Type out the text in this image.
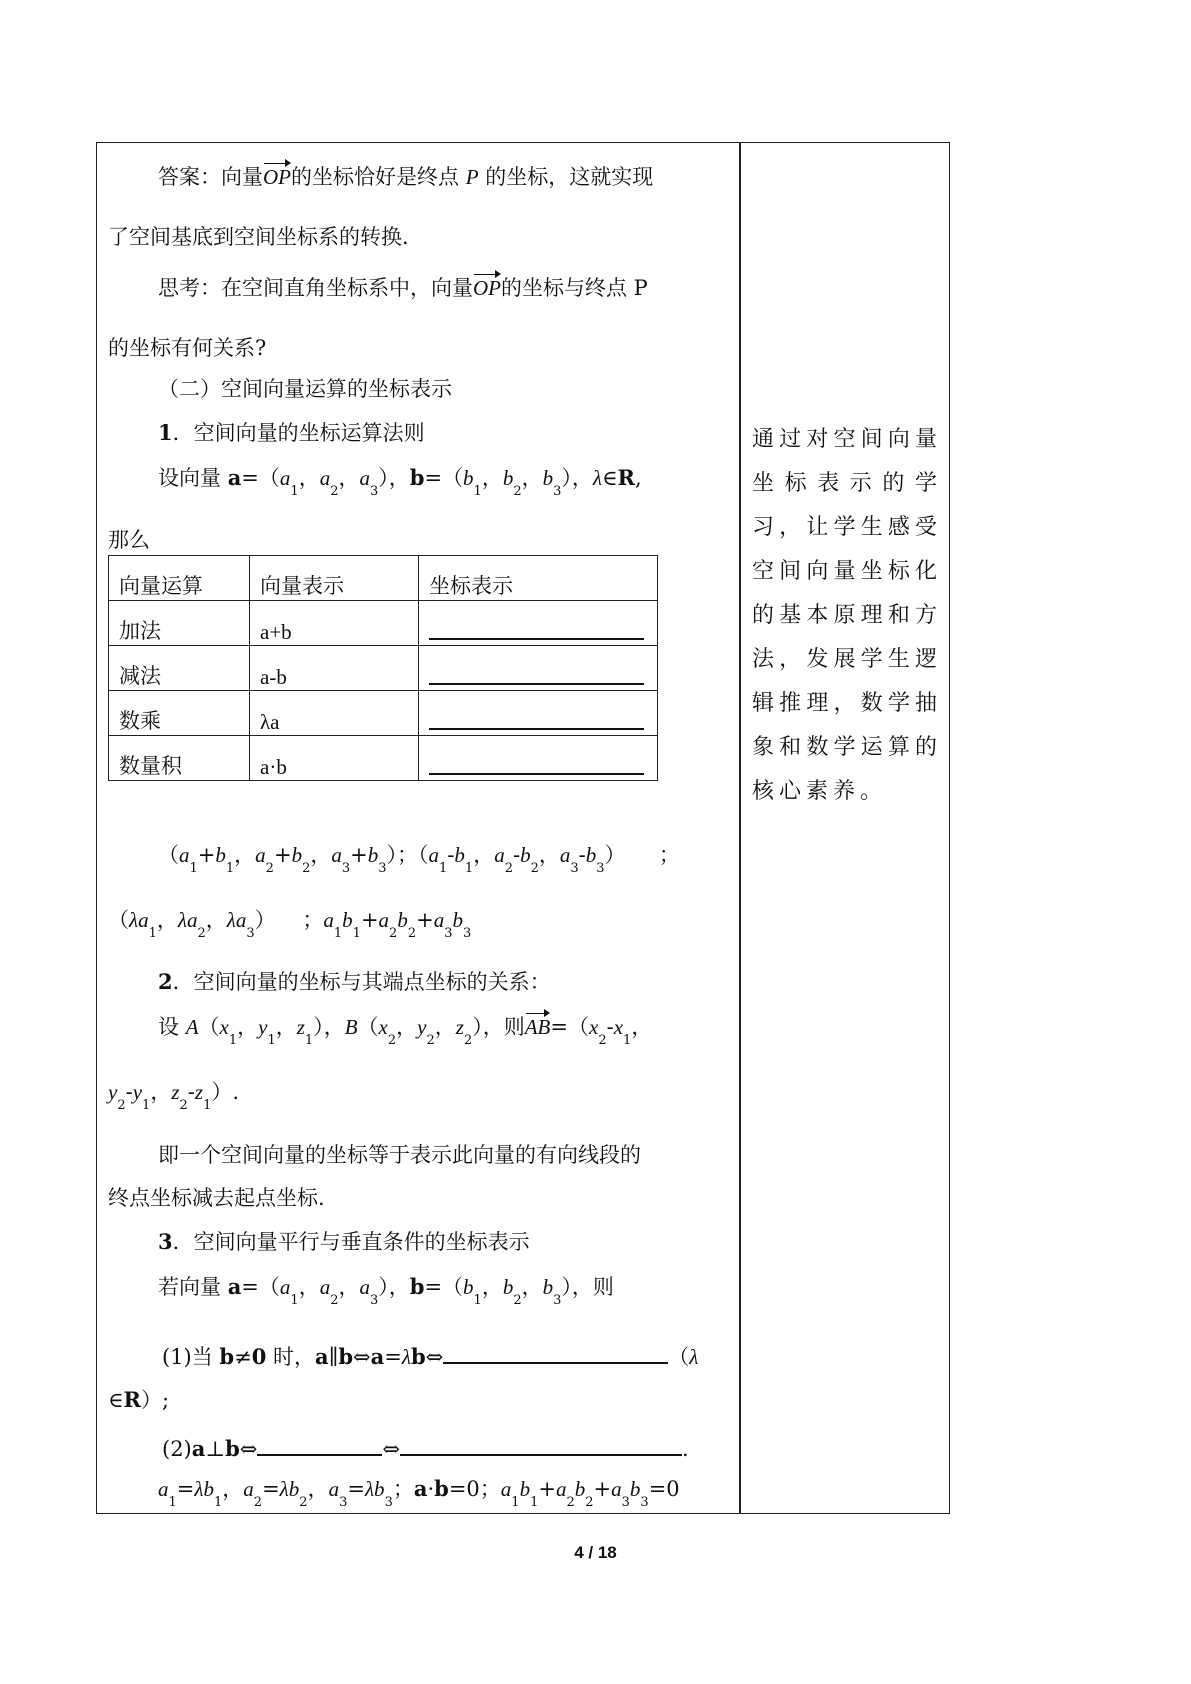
答案：向量OP的坐标恰好是终点 P 的坐标，这就实现
了空间基底到空间坐标系的转换.
思考：在空间直角坐标系中，向量OP的坐标与终点 P
的坐标有何关系?
（二）空间向量运算的坐标表示
1．空间向量的坐标运算法则
设向量 $a=(a_1$，$a_2$，$a_3$），$b=(b_1$，$b_2$，$b_3$），λ∈R,
那么
向量运算	向量表示	坐标表示
加法	a+b	
减法	a-b	
数乘	λa	
数量积	a·b	
（$a_1+b_1$，$a_2+b_2$，$a_3+b_3$）；（$a_1-b_1$，$a_2-b_2$，$a_3-b_3$）     ；
（$\lambda a_1$，$\lambda a_2$，$\lambda a_3$）    ；$a_1b_1+a_2b_2+a_3b_3$
2．空间向量的坐标与其端点坐标的关系：
设 $A(x_1$，$y_1$，$z_1$），$B(x_2$，$y_2$，$z_2$），则$AB=(x_2-x_1$，
$y_2-y_1$，$z_2-z_1$）.
即一个空间向量的坐标等于表示此向量的有向线段的
终点坐标减去起点坐标.
3．空间向量平行与垂直条件的坐标表示
若向量 $a=(a_1$，$a_2$，$a_3$），$b=(b_1$，$b_2$，$b_3$），则
(1)当 b≠0 时，a∥b⇔a=λb⇔	（λ
∈R）;
(2)a⊥b⇔	⇔	.
$a_1=\lambda b_1$，$a_2=\lambda b_2$，$a_3=\lambda b_3$；a·b=0；$a_1b_1+a_2b_2+a_3b_3=0$
通过对空间向量坐标表示的学习，让学生感受空间向量坐标化的基本原理和方法，发展学生逻辑推理，数学抽象和数学运算的核心素养。
4 / 18
